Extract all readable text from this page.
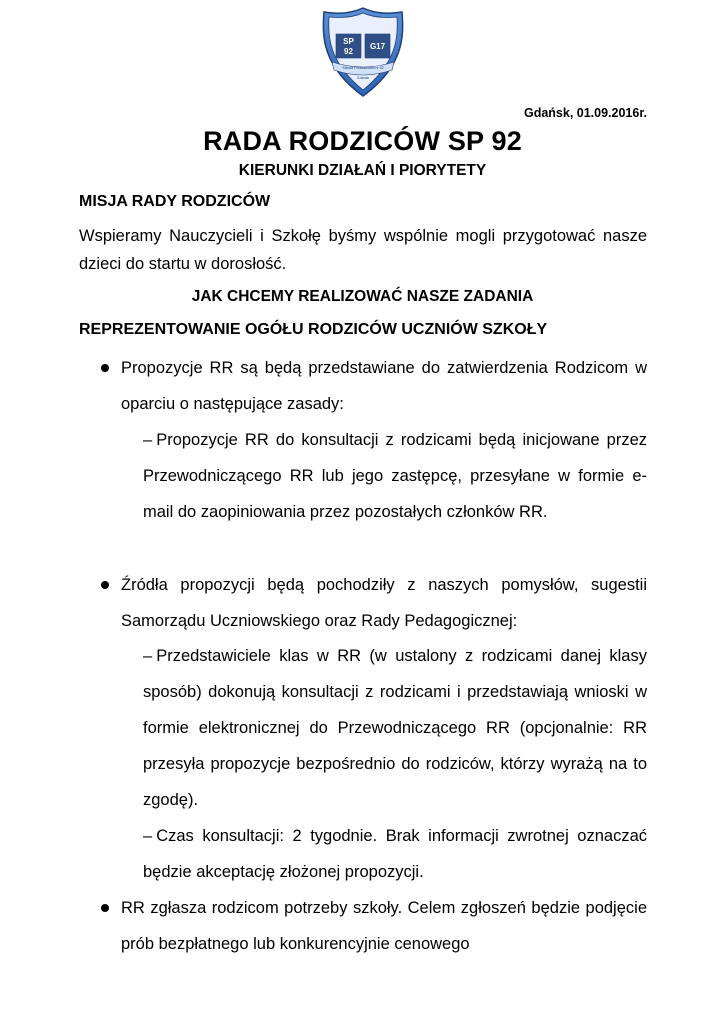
SP
92
G17
Szkoła Podstawowa nr 92
Gdańsk
Gdańsk, 01.09.2016r.
RADA RODZICÓW SP 92
KIERUNKI DZIAŁAŃ I PIORYTETY
MISJA RADY RODZICÓW
Wspieramy Nauczycieli i Szkołę byśmy wspólnie mogli przygotować nasze dzieci do startu w dorosłość.
JAK CHCEMY REALIZOWAĆ NASZE ZADANIA
REPREZENTOWANIE OGÓŁU RODZICÓW UCZNIÓW SZKOŁY
Propozycje RR są będą przedstawiane do zatwierdzenia Rodzicom w oparciu o następujące zasady:
– Propozycje RR do konsultacji z rodzicami będą inicjowane przez Przewodniczącego RR lub jego zastępcę, przesyłane w formie e-mail do zaopiniowania przez pozostałych członków RR.
Źródła propozycji będą pochodziły z naszych pomysłów, sugestii Samorządu Uczniowskiego oraz Rady Pedagogicznej:
– Przedstawiciele klas w RR (w ustalony z rodzicami danej klasy sposób) dokonują konsultacji z rodzicami i przedstawiają wnioski w formie elektronicznej do Przewodniczącego RR (opcjonalnie: RR przesyła propozycje bezpośrednio do rodziców, którzy wyrażą na to zgodę).
– Czas konsultacji: 2 tygodnie. Brak informacji zwrotnej oznaczać będzie akceptację złożonej propozycji.
RR zgłasza rodzicom potrzeby szkoły. Celem zgłoszeń będzie podjęcie prób bezpłatnego lub konkurencyjnie cenowego
